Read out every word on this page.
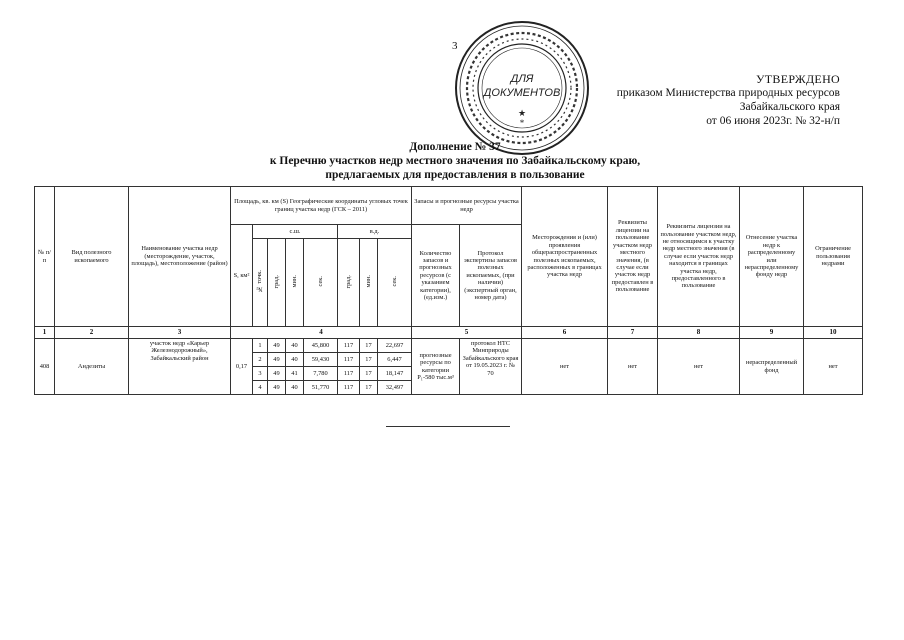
3
ДЛЯ
ДОКУМЕНТОВ
★
*
УТВЕРЖДЕНО
приказом Министерства природных ресурсов
Забайкальского края
от 06 июня 2023г. № 32-н/п
Дополнение № 37
к Перечню участков недр местного значения по Забайкальскому краю,
предлагаемых для предоставления в пользование
№ п/п	Вид полезного ископаемого	Наименование участка недр (месторождение, участок, площадь), местоположение (район)	Площадь, кв. км (S) Географические координаты угловых точек границ участка недр (ГСК – 2011)								Запасы и прогнозные ресурсы участка недр		Месторождения и (или) проявления общераспространенных полезных ископаемых, расположенных в границах участка недр	Реквизиты лицензии на пользование участком недр местного значения, (в случае если участок недр предоставлен в пользование	Реквизиты лицензии на пользование участком недр, не относящимся к участку недр местного значения (в случае если участок недр находится в границах участка недр, предоставленного в пользование	Отнесение участка недр к распределенному или нераспределенному фонду недр	Ограничение пользования недрами
			S, км²	с.ш.				в.д.			Количество запасов и прогнозных ресурсов (с указанием категории), (ед.изм.)	Протокол экспертизы запасов полезных ископаемых, (при наличии) (экспертный орган, номер дата)					
				№ точк.	град.	мин.	сек.	град.	мин.	сек.							
1	2	3	4								5		6	7	8	9	10
408	Андезиты	участок недр «Карьер Железнодорожный», Забайкальский район	0,17	1	49	40	45,800	117	17	22,697	прогнозные ресурсы по категории P₁-580 тыс.м³	протокол НТС Минприроды Забайкальского края от 19.05.2023 г. № 70	нет	нет	нет	нераспределенный фонд	нет
				2	49	40	59,430	117	17	6,447							
				3	49	41	7,780	117	17	18,147							
				4	49	40	51,770	117	17	32,497							
